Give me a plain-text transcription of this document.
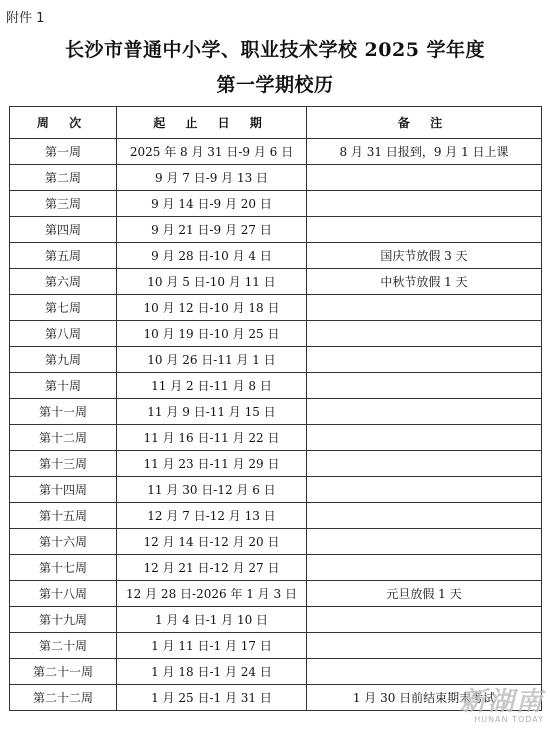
附件 1
长沙市普通中小学、职业技术学校 2025 学年度
第一学期校历
周 次	起 止 日 期	备 注
第一周	2025 年 8 月 31 日-9 月 6 日	8 月 31 日报到，9 月 1 日上课
第二周	9 月 7 日-9 月 13 日	
第三周	9 月 14 日-9 月 20 日	
第四周	9 月 21 日-9 月 27 日	
第五周	9 月 28 日-10 月 4 日	国庆节放假 3 天
第六周	10 月 5 日-10 月 11 日	中秋节放假 1 天
第七周	10 月 12 日-10 月 18 日	
第八周	10 月 19 日-10 月 25 日	
第九周	10 月 26 日-11 月 1 日	
第十周	11 月 2 日-11 月 8 日	
第十一周	11 月 9 日-11 月 15 日	
第十二周	11 月 16 日-11 月 22 日	
第十三周	11 月 23 日-11 月 29 日	
第十四周	11 月 30 日-12 月 6 日	
第十五周	12 月 7 日-12 月 13 日	
第十六周	12 月 14 日-12 月 20 日	
第十七周	12 月 21 日-12 月 27 日	
第十八周	12 月 28 日-2026 年 1 月 3 日	元旦放假 1 天
第十九周	1 月 4 日-1 月 10 日	
第二十周	1 月 11 日-1 月 17 日	
第二十一周	1 月 18 日-1 月 24 日	
第二十二周	1 月 25 日-1 月 31 日	1 月 30 日前结束期末考试
新湖南
HUNAN TODAY
